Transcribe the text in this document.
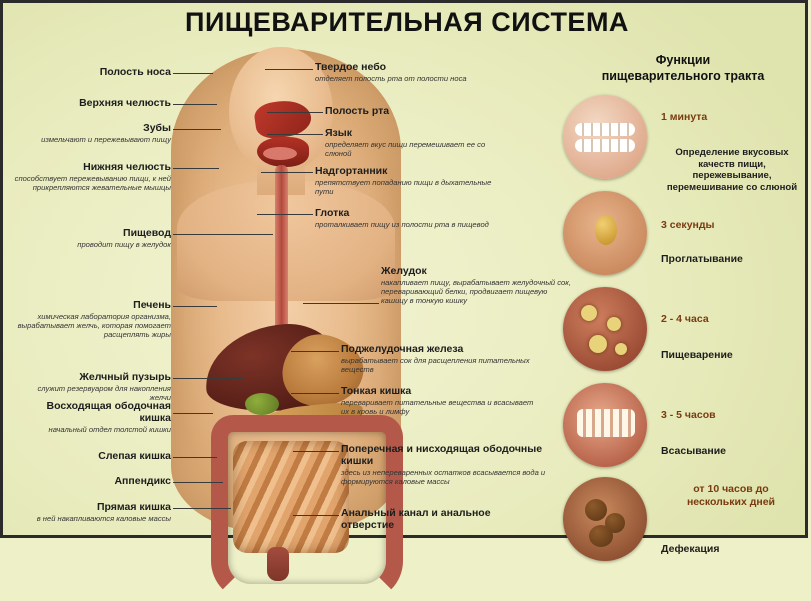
ПИЩЕВАРИТЕЛЬНАЯ СИСТЕМА
Полость носа
Верхняя челюсть
Зубы
измельчают и пережевывают пищу
Нижняя челюсть
способствует пережевыванию пищи, к ней прикрепляются жевательные мышцы
Пищевод
проводит пищу в желудок
Печень
химическая лаборатория организма, вырабатывает желчь, которая помогает расщеплять жиры
Желчный пузырь
служит резервуаром для накопления желчи
Восходящая ободочная кишка
начальный отдел толстой кишки
Слепая кишка
Аппендикс
Прямая кишка
в ней накапливаются каловые массы
Твердое небо
отделяет полость рта от полости носа
Полость рта
Язык
определяет вкус пищи перемешивает ее со слюной
Надгортанник
препятствует попаданию пищи в дыхательные пути
Глотка
проталкивает пищу из полости рта в пищевод
Желудок
накапливает пищу, вырабатывает желудочный сок, переваривающий белки, продвигает пищевую кашицу в тонкую кишку
Поджелудочная железа
вырабатывает сок для расщепления питательных веществ
Тонкая кишка
переваривает питательные вещества и всасывает их в кровь и лимфу
Поперечная и нисходящая ободочные кишки
здесь из непереваренных остатков всасывается вода и формируются каловые массы
Анальный канал и анальное отверстие
Функции
пищеварительного тракта
1 минута
Определение вкусовых качеств пищи, пережевывание, перемешивание со слюной
3 секунды
Проглатывание
2 - 4 часа
Пищеварение
3 - 5 часов
Всасывание
от 10 часов до нескольких дней
Дефекация
